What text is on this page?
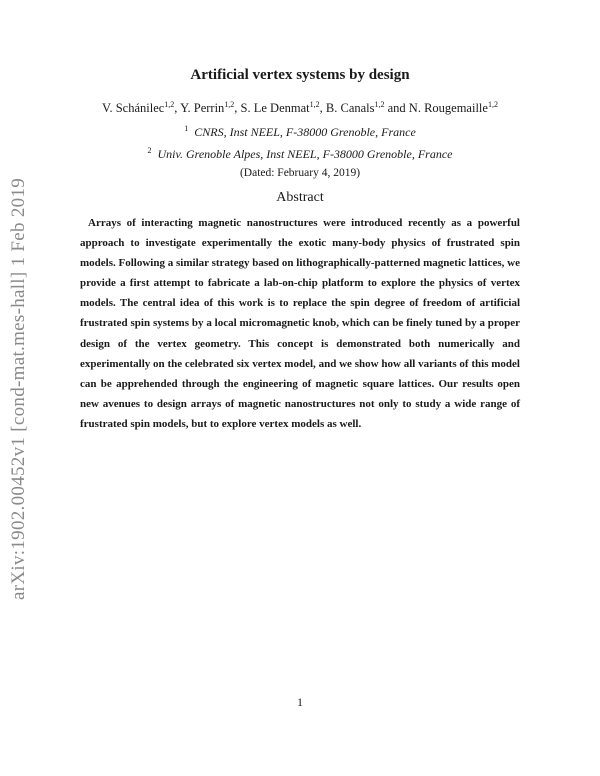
arXiv:1902.00452v1 [cond-mat.mes-hall] 1 Feb 2019
Artificial vertex systems by design
V. Schánilec$^{1,2}$, Y. Perrin$^{1,2}$, S. Le Denmat$^{1,2}$, B. Canals$^{1,2}$ and N. Rougemaille$^{1,2}$
$^1$ CNRS, Inst NEEL, F-38000 Grenoble, France
$^2$ Univ. Grenoble Alpes, Inst NEEL, F-38000 Grenoble, France
(Dated: February 4, 2019)
Abstract

Arrays of interacting magnetic nanostructures were introduced recently as a powerful approach to investigate experimentally the exotic many-body physics of frustrated spin models. Following a similar strategy based on lithographically-patterned magnetic lattices, we provide a first attempt to fabricate a lab-on-chip platform to explore the physics of vertex models. The central idea of this work is to replace the spin degree of freedom of artificial frustrated spin systems by a local micromagnetic knob, which can be finely tuned by a proper design of the vertex geometry. This concept is demonstrated both numerically and experimentally on the celebrated six vertex model, and we show how all variants of this model can be apprehended through the engineering of magnetic square lattices. Our results open new avenues to design arrays of magnetic nanostructures not only to study a wide range of frustrated spin models, but to explore vertex models as well.

1
